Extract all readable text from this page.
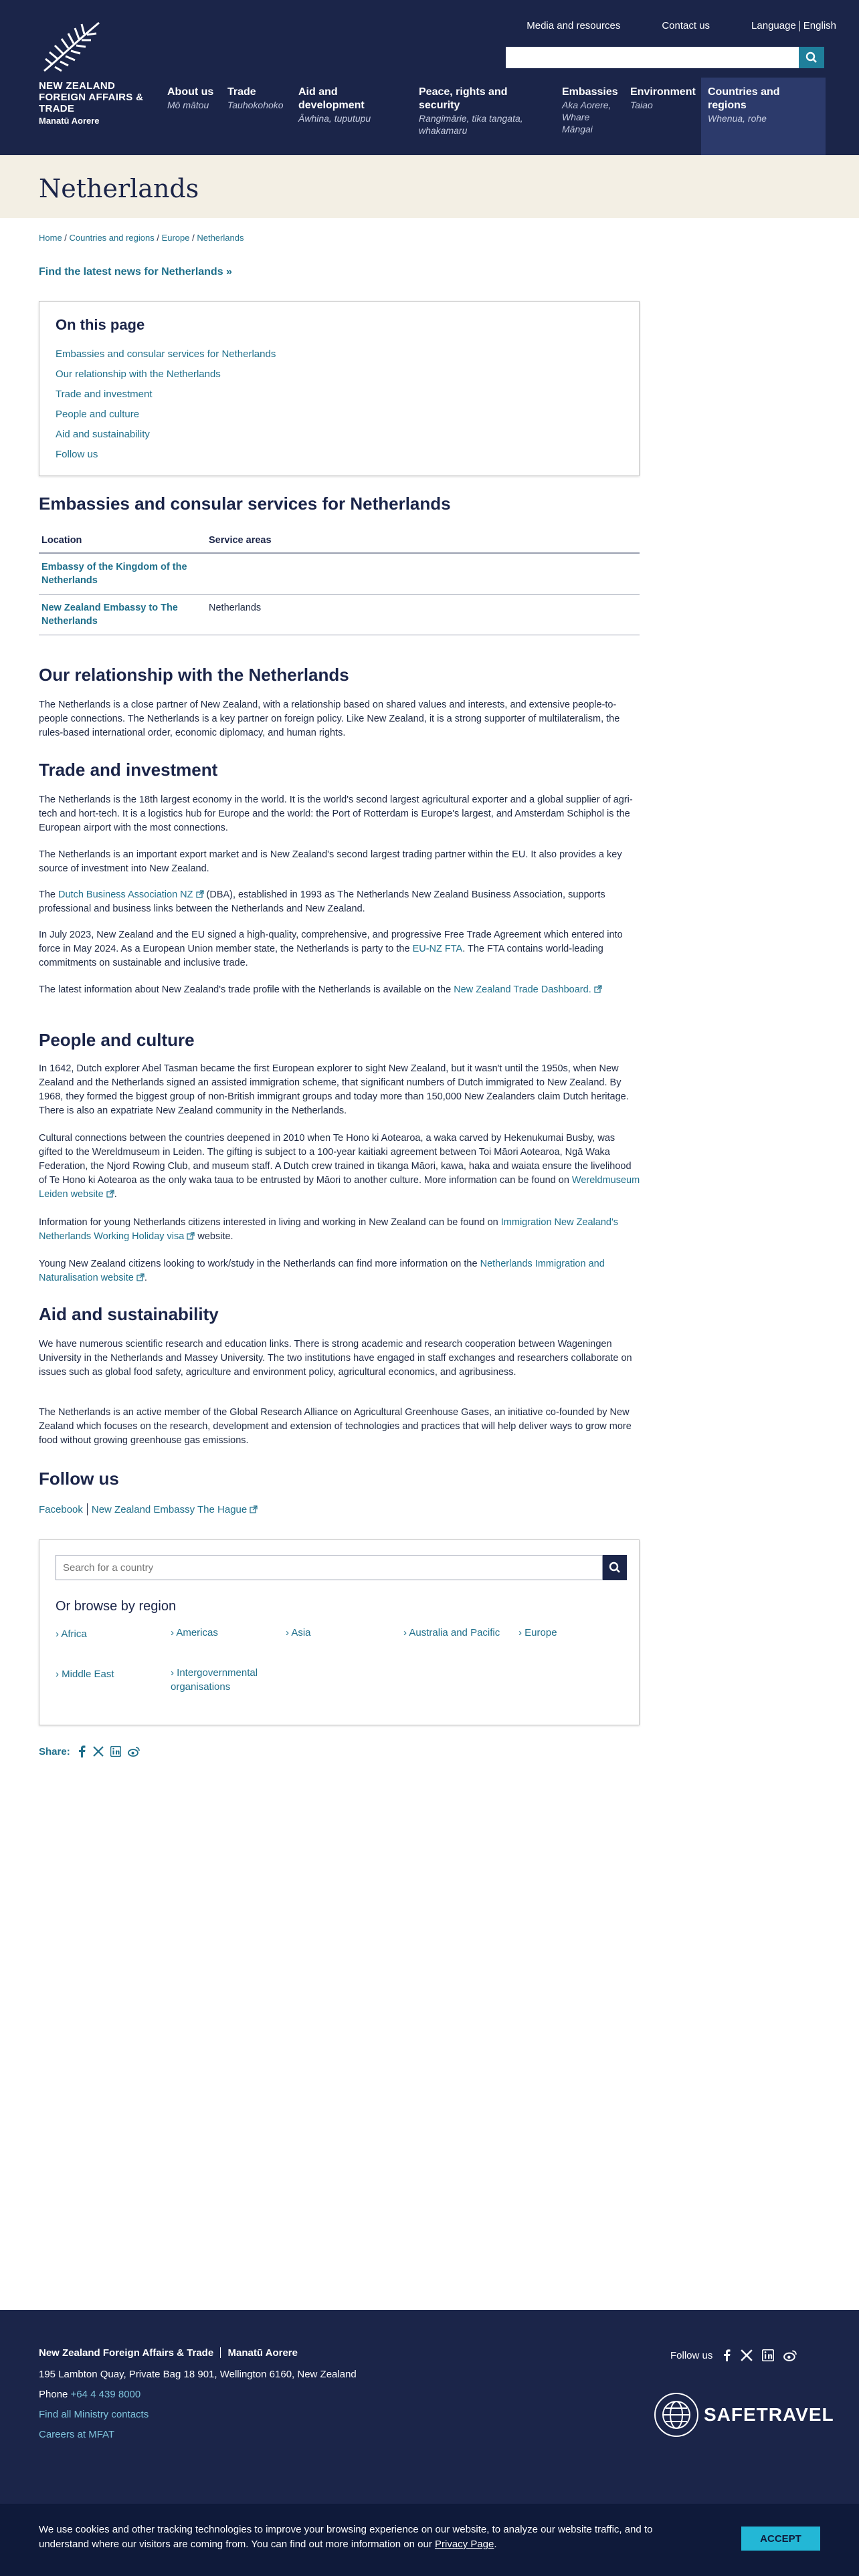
NEW ZEALAND
FOREIGN AFFAIRS & TRADE
Manatū Aorere
Media and resources	Contact us	Language English
About us
Mō mātou
Trade
Tauhokohoko
Aid and development
Āwhina, tuputupu
Peace, rights and security
Rangimārie, tika tangata, whakamaru
Embassies
Aka Aorere, Whare Māngai
Environment
Taiao
Countries and regions
Whenua, rohe
Netherlands
Home / Countries and regions / Europe / Netherlands
Find the latest news for Netherlands »
On this page
Embassies and consular services for Netherlands
Our relationship with the Netherlands
Trade and investment
People and culture
Aid and sustainability
Follow us
Embassies and consular services for Netherlands
Location	Service areas
Embassy of the Kingdom of the Netherlands	
New Zealand Embassy to The Netherlands	Netherlands
Our relationship with the Netherlands

The Netherlands is a close partner of New Zealand, with a relationship based on shared values and interests, and extensive people-to-people connections. The Netherlands is a key partner on foreign policy. Like New Zealand, it is a strong supporter of multilateralism, the rules-based international order, economic diplomacy, and human rights.

Trade and investment

The Netherlands is the 18th largest economy in the world. It is the world's second largest agricultural exporter and a global supplier of agri-tech and hort-tech. It is a logistics hub for Europe and the world: the Port of Rotterdam is Europe's largest, and Amsterdam Schiphol is the European airport with the most connections.

The Netherlands is an important export market and is New Zealand's second largest trading partner within the EU. It also provides a key source of investment into New Zealand.

The Dutch Business Association NZ (DBA), established in 1993 as The Netherlands New Zealand Business Association, supports professional and business links between the Netherlands and New Zealand.

In July 2023, New Zealand and the EU signed a high-quality, comprehensive, and progressive Free Trade Agreement which entered into force in May 2024. As a European Union member state, the Netherlands is party to the EU-NZ FTA. The FTA contains world-leading commitments on sustainable and inclusive trade.

The latest information about New Zealand's trade profile with the Netherlands is available on the New Zealand Trade Dashboard.

People and culture

In 1642, Dutch explorer Abel Tasman became the first European explorer to sight New Zealand, but it wasn't until the 1950s, when New Zealand and the Netherlands signed an assisted immigration scheme, that significant numbers of Dutch immigrated to New Zealand. By 1968, they formed the biggest group of non-British immigrant groups and today more than 150,000 New Zealanders claim Dutch heritage. There is also an expatriate New Zealand community in the Netherlands.

Cultural connections between the countries deepened in 2010 when Te Hono ki Aotearoa, a waka carved by Hekenukumai Busby, was gifted to the Wereldmuseum in Leiden. The gifting is subject to a 100-year kaitiaki agreement between Toi Māori Aotearoa, Ngā Waka Federation, the Njord Rowing Club, and museum staff. A Dutch crew trained in tikanga Māori, kawa, haka and waiata ensure the livelihood of Te Hono ki Aotearoa as the only waka taua to be entrusted by Māori to another culture. More information can be found on Wereldmuseum Leiden website .

Information for young Netherlands citizens interested in living and working in New Zealand can be found on Immigration New Zealand's Netherlands Working Holiday visa website.

Young New Zealand citizens looking to work/study in the Netherlands can find more information on the Netherlands Immigration and Naturalisation website .

Aid and sustainability

We have numerous scientific research and education links. There is strong academic and research cooperation between Wageningen University in the Netherlands and Massey University. The two institutions have engaged in staff exchanges and researchers collaborate on issues such as global food safety, agriculture and environment policy, agricultural economics, and agribusiness.

The Netherlands is an active member of the Global Research Alliance on Agricultural Greenhouse Gases, an initiative co-founded by New Zealand which focuses on the research, development and extension of technologies and practices that will help deliver ways to grow more food without growing greenhouse gas emissions.

Follow us
Facebook New Zealand Embassy The Hague
Search for a country
Or browse by region
› Africa	› Americas	› Asia	› Australia and Pacific	› Europe
› Middle East	› Intergovernmental organisations
Share:
New Zealand Foreign Affairs & Trade Manatū Aorere
195 Lambton Quay, Private Bag 18 901, Wellington 6160, New Zealand
Phone +64 4 439 8000
Find all Ministry contacts
Careers at MFAT
Follow us
SAFETRAVEL

We use cookies and other tracking technologies to improve your browsing experience on our website, to analyze our website traffic, and to understand where our visitors are coming from. You can find out more information on our Privacy Page.	ACCEPT
